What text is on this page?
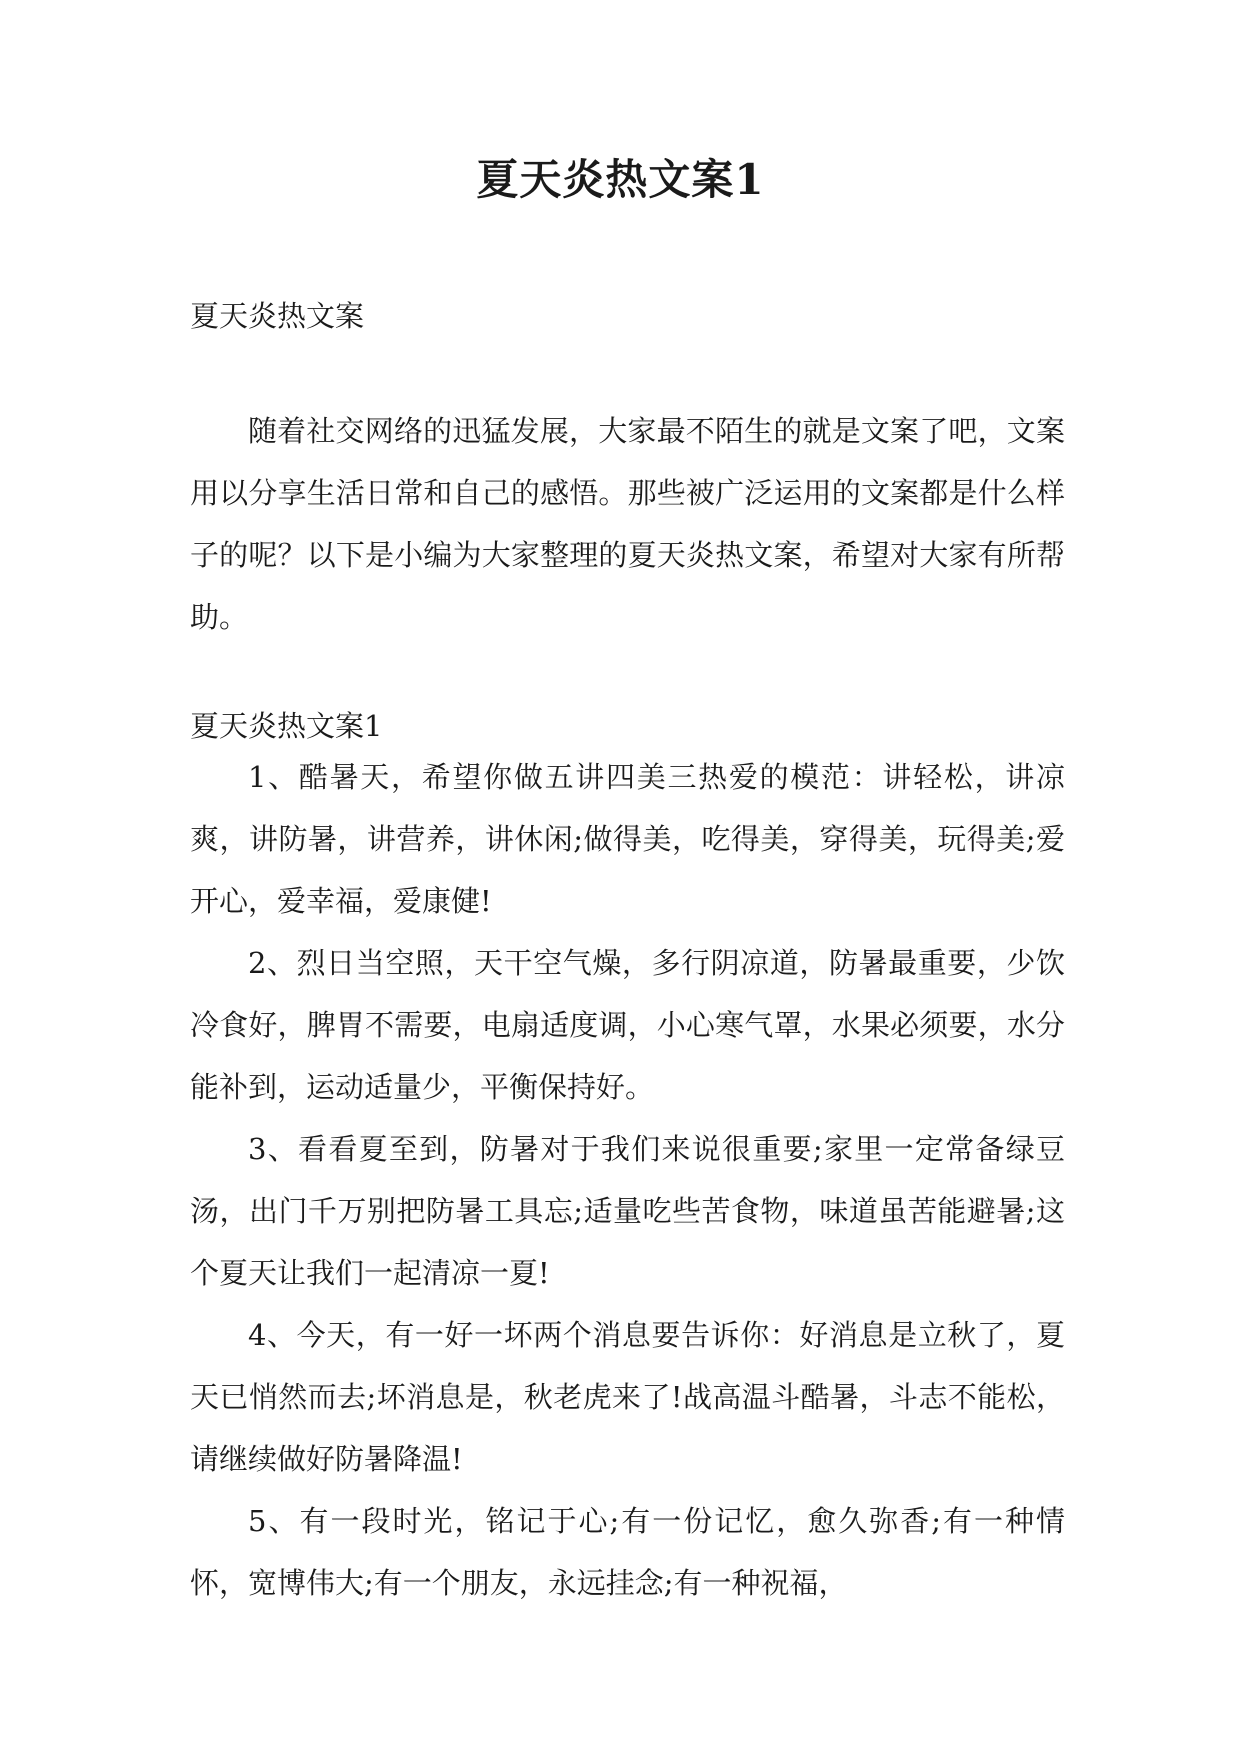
夏天炎热文案1
夏天炎热文案

随着社交网络的迅猛发展，大家最不陌生的就是文案了吧，文案用以分享生活日常和自己的感悟。那些被广泛运用的文案都是什么样子的呢？以下是小编为大家整理的夏天炎热文案，希望对大家有所帮助。

夏天炎热文案1

1、酷暑天，希望你做五讲四美三热爱的模范：讲轻松，讲凉爽，讲防暑，讲营养，讲休闲;做得美，吃得美，穿得美，玩得美;爱开心，爱幸福，爱康健!

2、烈日当空照，天干空气燥，多行阴凉道，防暑最重要，少饮冷食好，脾胃不需要，电扇适度调，小心寒气罩，水果必须要，水分能补到，运动适量少，平衡保持好。

3、看看夏至到，防暑对于我们来说很重要;家里一定常备绿豆汤，出门千万别把防暑工具忘;适量吃些苦食物，味道虽苦能避暑;这个夏天让我们一起清凉一夏!

4、今天，有一好一坏两个消息要告诉你：好消息是立秋了，夏天已悄然而去;坏消息是，秋老虎来了!战高温斗酷暑，斗志不能松，请继续做好防暑降温!

5、有一段时光，铭记于心;有一份记忆，愈久弥香;有一种情怀，宽博伟大;有一个朋友，永远挂念;有一种祝福，
